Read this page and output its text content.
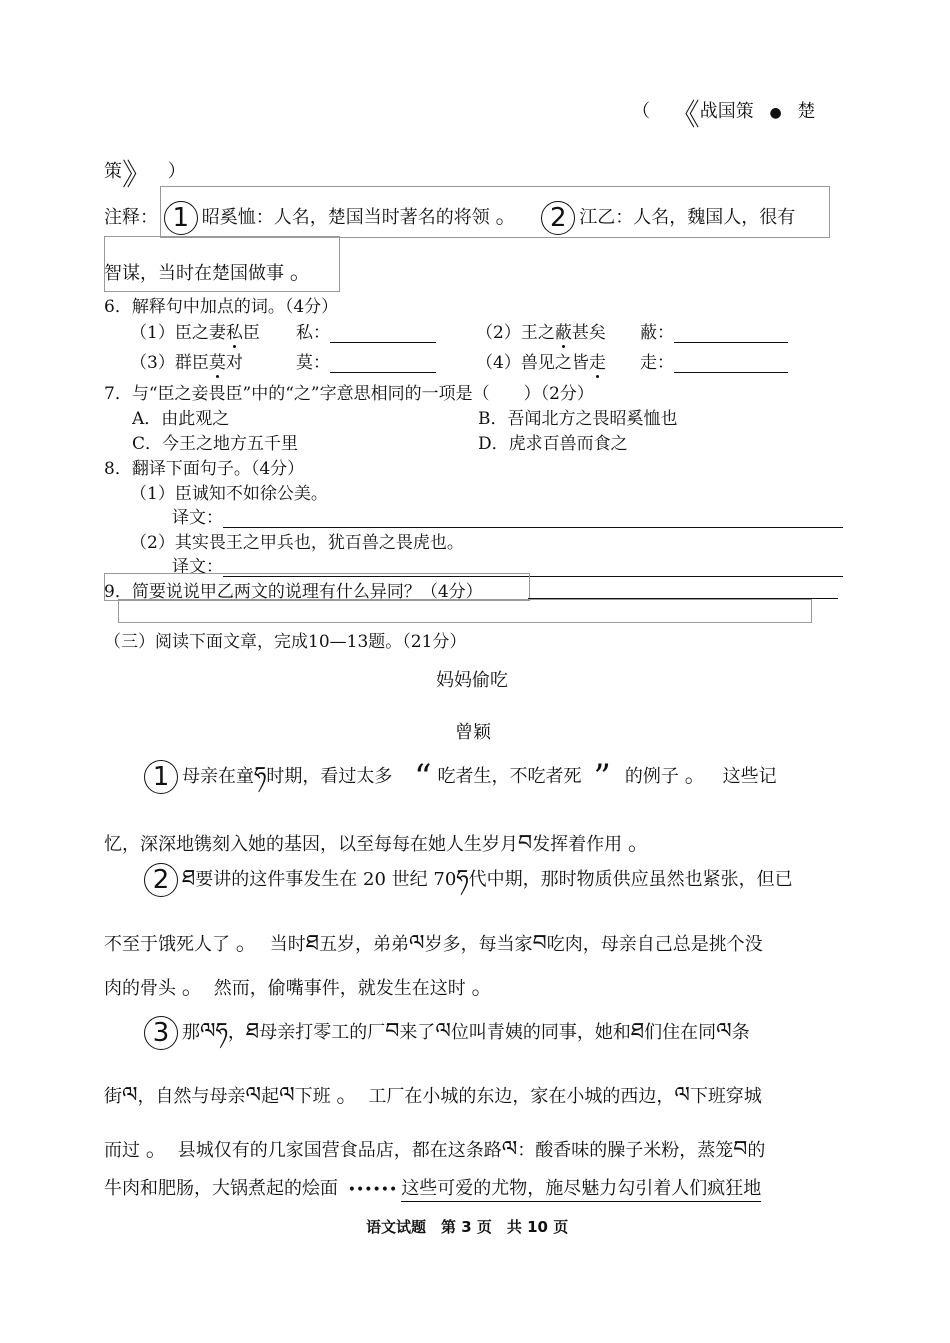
（ 《战国策 ● 楚
策》 ）
注释： 1 昭奚恤：人名，楚国当时著名的将领 。 2 江乙：人名，魏国人，很有
智谋，当时在楚国做事 。
6．解释句中加点的词。（4分）
（1）臣之妻私臣 私：	（2）王之蔽甚矣 蔽：
（3）群臣莫对	莫：	（4）兽见之皆走 走：
7．与“臣之妾畏臣”中的“之”字意思相同的一项是（　　）（2分）
A．由此观之	B．吾闻北方之畏昭奚恤也
C．今王之地方五千里	D．虎求百兽而食之
8．翻译下面句子。（4分）
（1）臣诚知不如徐公美。
译文：
（2）其实畏王之甲兵也，犹百兽之畏虎也。
译文：
9．简要说说甲乙两文的说理有什么异同？（4分）
（三）阅读下面文章，完成10—13题。（21分）
妈妈偷吃
曾颖
1 母亲在童ཧ时期，看过太多 “ 吃者生，不吃者死 ” 的例子 。 这些记
忆，深深地镌刻入她的基因，以至每每在她人生岁月བ发挥着作用 。
2 ཐ要讲的这件事发生在 20 世纪 70ཧ代中期，那时物质供应虽然也紧张，但已
不至于饿死人了 。 当时ཐ五岁，弟弟ལ岁多，每当家བ吃肉，母亲自己总是挑个没
肉的骨头 。 然而，偷嘴事件，就发生在这时 。
3 那ལཧ，ཐ母亲打零工的厂བ来了ལ位叫青姨的同事，她和ཐ们住在同ལ条
街ལ，自然与母亲ལ起ལ下班 。 工厂在小城的东边，家在小城的西边，ལ下班穿城
而过 。 县城仅有的几家国营食品店，都在这条路ལ：酸香味的臊子米粉，蒸笼བ的
牛肉和肥肠，大锅煮起的烩面 •••••• 这些可爱的尤物，施尽魅力勾引着人们疯狂地
语文试题　第 3 页　共 10 页
